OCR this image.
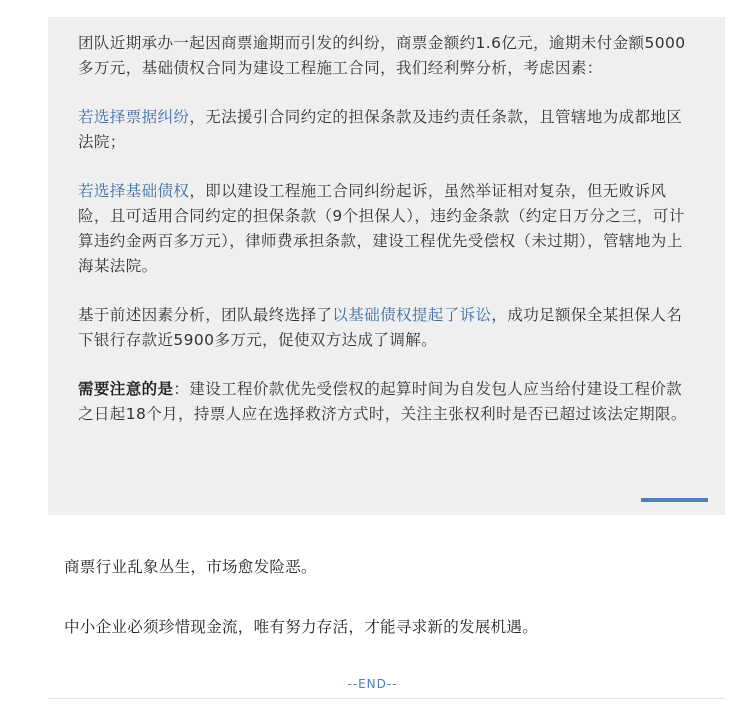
团队近期承办一起因商票逾期而引发的纠纷，商票金额约1.6亿元，逾期未付金额5000多万元，基础债权合同为建设工程施工合同，我们经利弊分析，考虑因素：

若选择票据纠纷，无法援引合同约定的担保条款及违约责任条款，且管辖地为成都地区法院；

若选择基础债权，即以建设工程施工合同纠纷起诉，虽然举证相对复杂，但无败诉风险，且可适用合同约定的担保条款（9个担保人），违约金条款（约定日万分之三，可计算违约金两百多万元），律师费承担条款，建设工程优先受偿权（未过期），管辖地为上海某法院。

基于前述因素分析，团队最终选择了以基础债权提起了诉讼，成功足额保全某担保人名下银行存款近5900多万元，促使双方达成了调解。

需要注意的是：建设工程价款优先受偿权的起算时间为自发包人应当给付建设工程价款之日起18个月，持票人应在选择救济方式时，关注主张权利时是否已超过该法定期限。

商票行业乱象丛生，市场愈发险恶。

中小企业必须珍惜现金流，唯有努力存活，才能寻求新的发展机遇。

--END--
